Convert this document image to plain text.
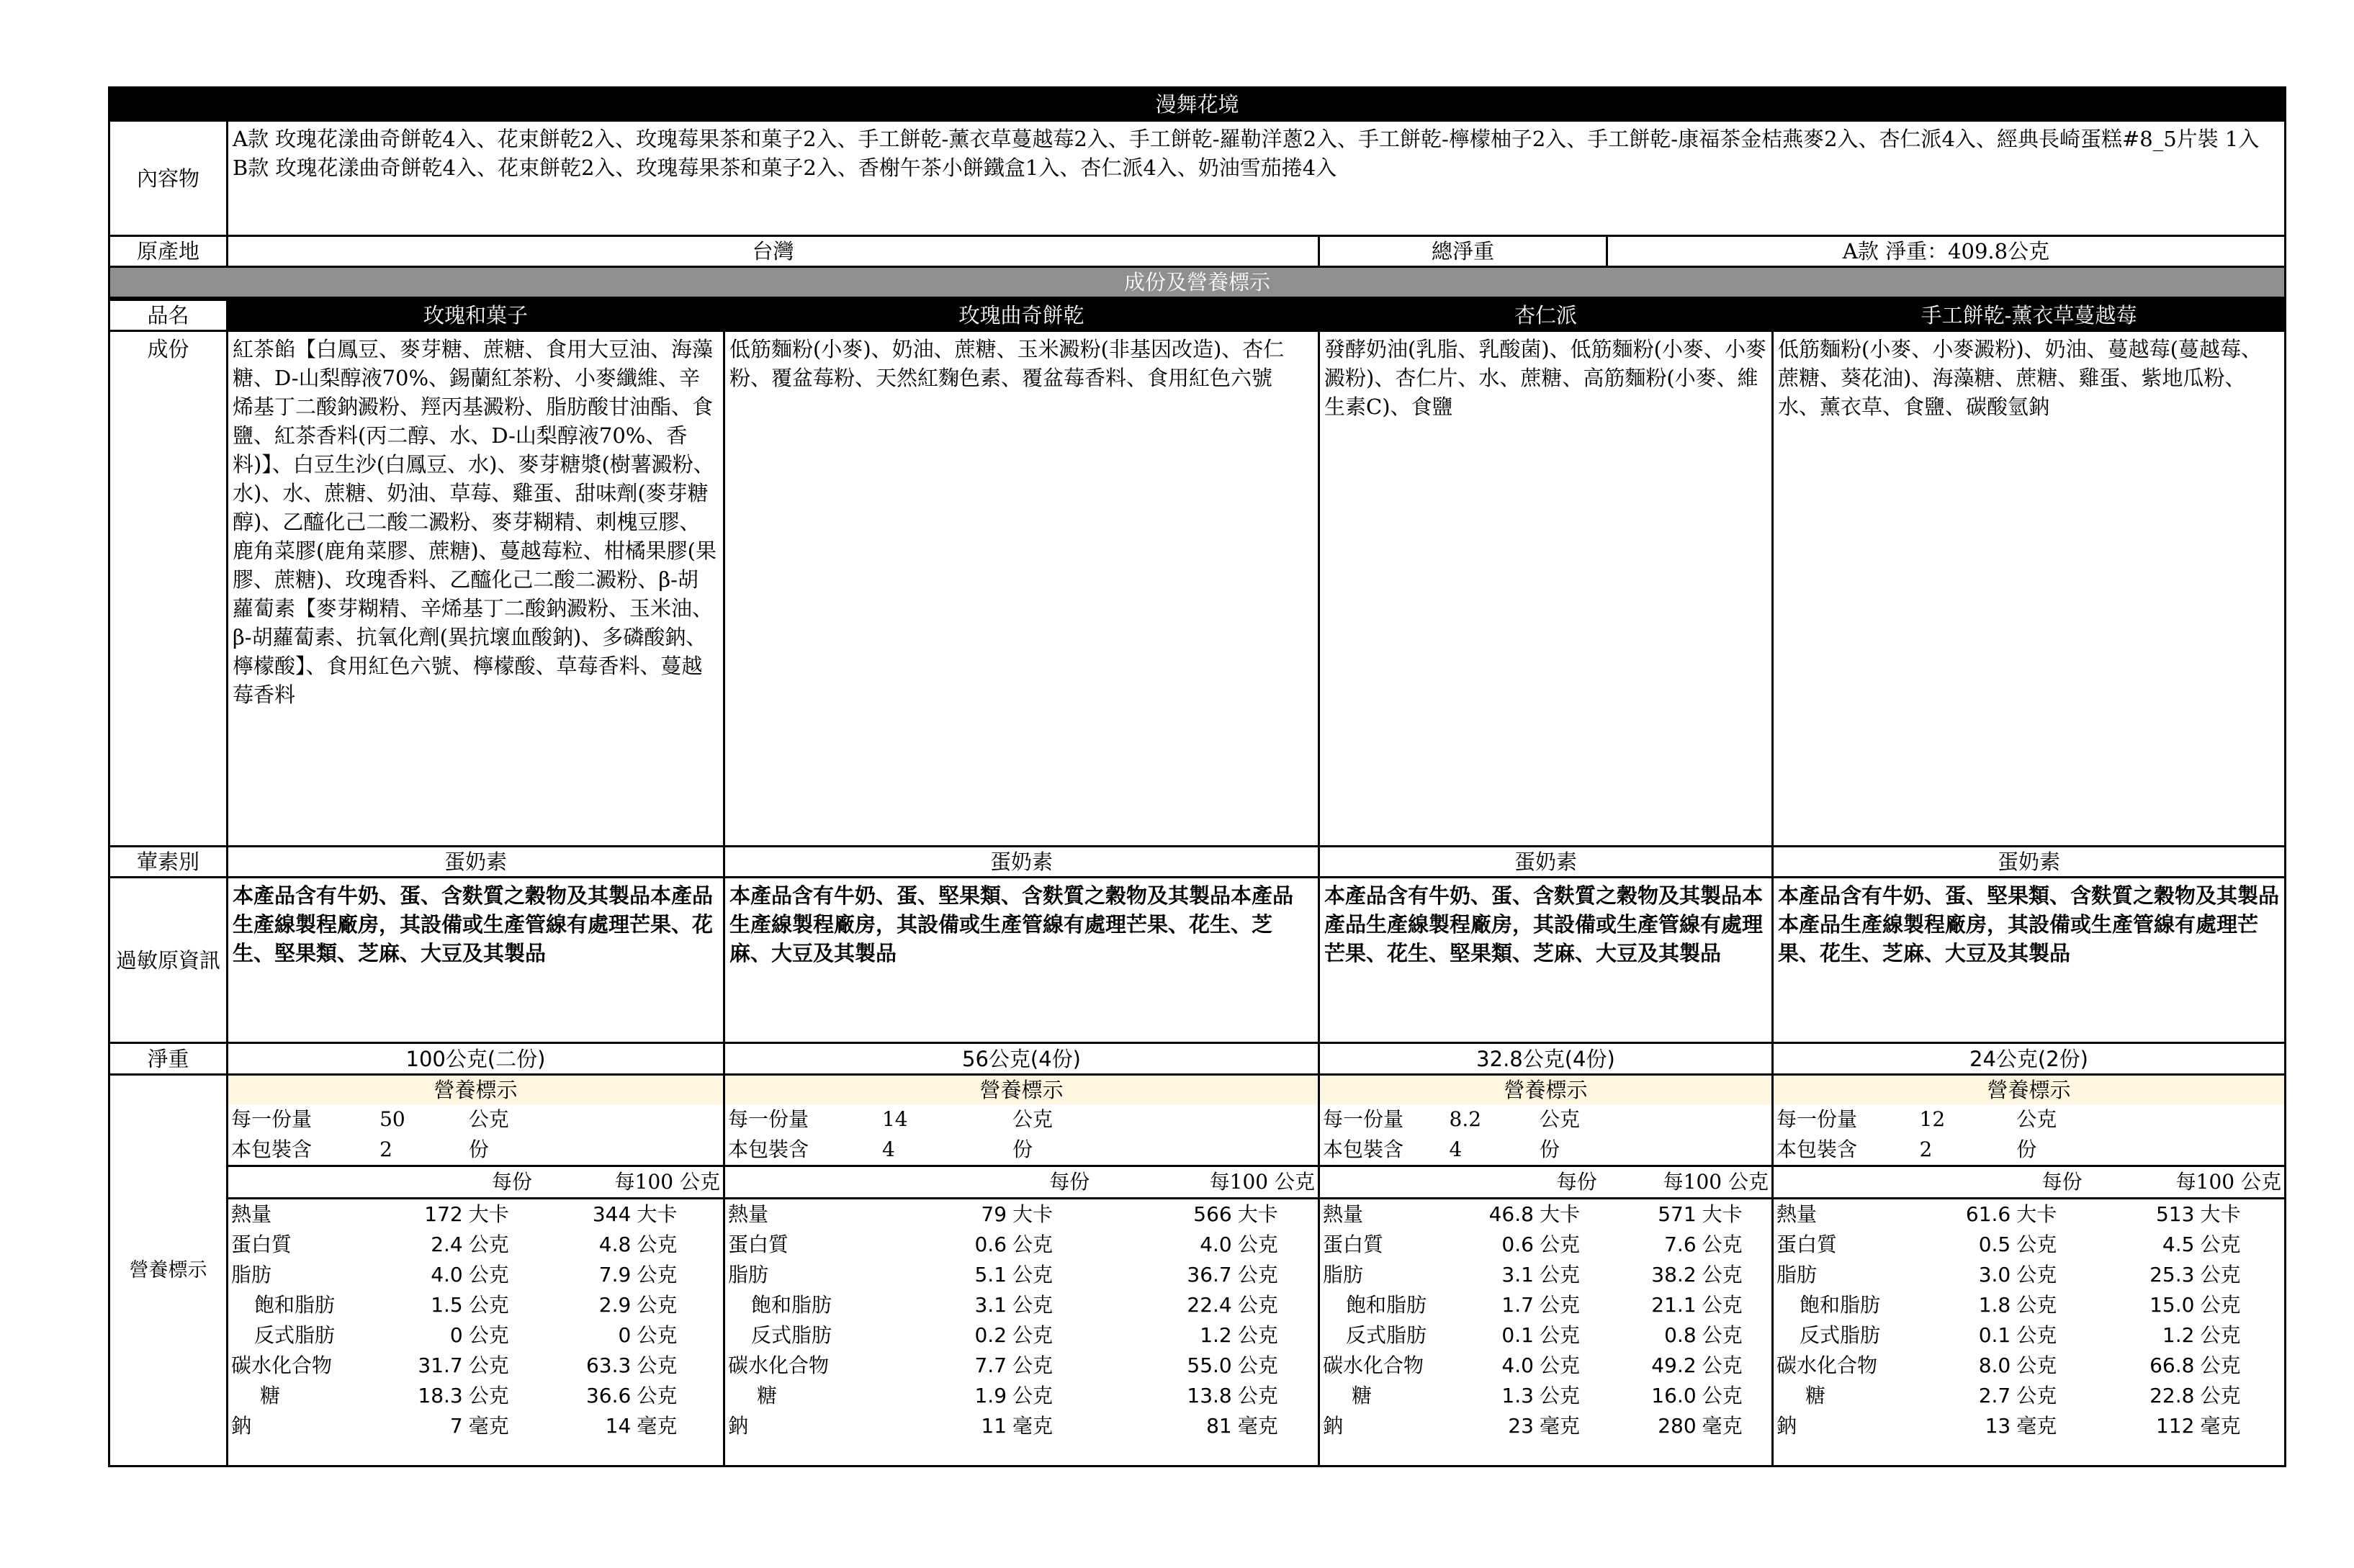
漫舞花境			
內容物	A款 玫瑰花漾曲奇餅乾4入、花束餅乾2入、玫瑰莓果茶和菓子2入、手工餅乾-薰衣草蔓越莓2入、手工餅乾-羅勒洋蔥2入、手工餅乾-檸檬柚子2入、手工餅乾-康福茶金桔燕麥2入、杏仁派4入、經典長崎蛋糕#8_5片裝 1入
B款 玫瑰花漾曲奇餅乾4入、花束餅乾2入、玫瑰莓果茶和菓子2入、香榭午茶小餅鐵盒1入、杏仁派4入、奶油雪茄捲4入		

原產地	台灣	總淨重	A款 淨重：409.8公克
成份及營養標示			
品名	玫瑰和菓子	玫瑰曲奇餅乾	杏仁派	手工餅乾-薰衣草蔓越莓
成份	紅茶餡【白鳳豆、麥芽糖、蔗糖、食用大豆油、海藻糖、D-山梨醇液70%、錫蘭紅茶粉、小麥纖維、辛烯基丁二酸鈉澱粉、羥丙基澱粉、脂肪酸甘油酯、食鹽、紅茶香料(丙二醇、水、D-山梨醇液70%、香料)】、白豆生沙(白鳳豆、水)、麥芽糖漿(樹薯澱粉、水)、水、蔗糖、奶油、草莓、雞蛋、甜味劑(麥芽糖醇)、乙醯化己二酸二澱粉、麥芽糊精、刺槐豆膠、鹿角菜膠(鹿角菜膠、蔗糖)、蔓越莓粒、柑橘果膠(果膠、蔗糖)、玫瑰香料、乙醯化己二酸二澱粉、β-胡蘿蔔素【麥芽糊精、辛烯基丁二酸鈉澱粉、玉米油、β-胡蘿蔔素、抗氧化劑(異抗壞血酸鈉)、多磷酸鈉、檸檬酸】、食用紅色六號、檸檬酸、草莓香料、蔓越莓香料	低筋麵粉(小麥)、奶油、蔗糖、玉米澱粉(非基因改造)、杏仁粉、覆盆莓粉、天然紅麴色素、覆盆莓香料、食用紅色六號	發酵奶油(乳脂、乳酸菌)、低筋麵粉(小麥、小麥澱粉)、杏仁片、水、蔗糖、高筋麵粉(小麥、維生素C)、食鹽	低筋麵粉(小麥、小麥澱粉)、奶油、蔓越莓(蔓越莓、蔗糖、葵花油)、海藻糖、蔗糖、雞蛋、紫地瓜粉、水、薰衣草、食鹽、碳酸氫鈉
葷素別	蛋奶素	蛋奶素	蛋奶素	蛋奶素
過敏原資訊	本產品含有牛奶、蛋、含麩質之穀物及其製品本產品生產線製程廠房，其設備或生產管線有處理芒果、花生、堅果類、芝麻、大豆及其製品	本產品含有牛奶、蛋、堅果類、含麩質之穀物及其製品本產品生產線製程廠房，其設備或生產管線有處理芒果、花生、芝麻、大豆及其製品	本產品含有牛奶、蛋、含麩質之穀物及其製品本產品生產線製程廠房，其設備或生產管線有處理芒果、花生、堅果類、芝麻、大豆及其製品	本產品含有牛奶、蛋、堅果類、含麩質之穀物及其製品本產品生產線製程廠房，其設備或生產管線有處理芒果、花生、芝麻、大豆及其製品
淨重	100公克(二份)	56公克(4份)	32.8公克(4份)	24公克(2份)
營養標示	
營養標示
每一份量	50	公克		
本包裝含	2	份		
	每份	每100 公克
熱量	172	大卡	344	大卡
蛋白質	2.4	公克	4.8	公克
脂肪	4.0	公克	7.9	公克
飽和脂肪	1.5	公克	2.9	公克
反式脂肪	0	公克	0	公克
碳水化合物	31.7	公克	63.3	公克
糖	18.3	公克	36.6	公克
鈉	7	毫克	14	毫克

營養標示
每一份量	14	公克		
本包裝含	4	份		
	每份	每100 公克
熱量	79	大卡	566	大卡
蛋白質	0.6	公克	4.0	公克
脂肪	5.1	公克	36.7	公克
飽和脂肪	3.1	公克	22.4	公克
反式脂肪	0.2	公克	1.2	公克
碳水化合物	7.7	公克	55.0	公克
糖	1.9	公克	13.8	公克
鈉	11	毫克	81	毫克

營養標示
每一份量	8.2	公克		
本包裝含	4	份		
	每份	每100 公克
熱量	46.8	大卡	571	大卡
蛋白質	0.6	公克	7.6	公克
脂肪	3.1	公克	38.2	公克
飽和脂肪	1.7	公克	21.1	公克
反式脂肪	0.1	公克	0.8	公克
碳水化合物	4.0	公克	49.2	公克
糖	1.3	公克	16.0	公克
鈉	23	毫克	280	毫克

營養標示
每一份量	12	公克		
本包裝含	2	份		
	每份	每100 公克
熱量	61.6	大卡	513	大卡
蛋白質	0.5	公克	4.5	公克
脂肪	3.0	公克	25.3	公克
飽和脂肪	1.8	公克	15.0	公克
反式脂肪	0.1	公克	1.2	公克
碳水化合物	8.0	公克	66.8	公克
糖	2.7	公克	22.8	公克
鈉	13	毫克	112	毫克
